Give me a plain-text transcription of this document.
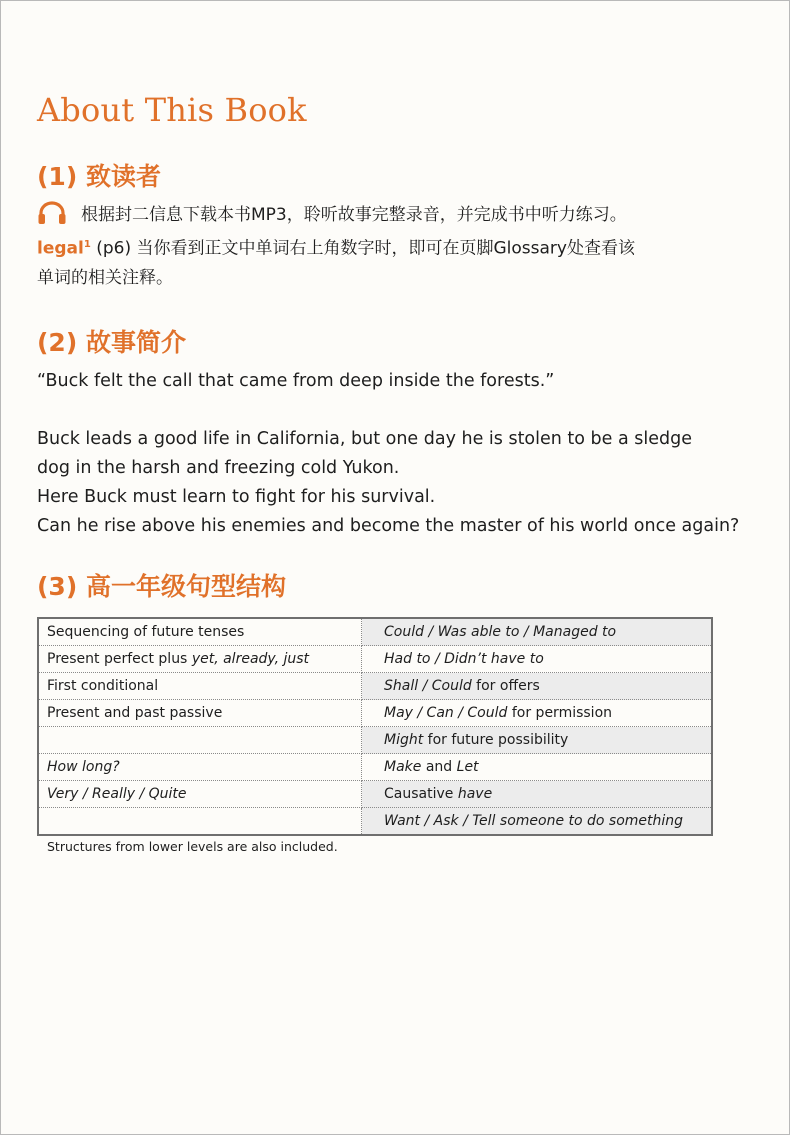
About This Book
(1) 致读者
根据封二信息下载本书MP3，聆听故事完整录音，并完成书中听力练习。
legal$^1$ (p6) 当你看到正文中单词右上角数字时，即可在页脚Glossary处查看该
单词的相关注释。
(2) 故事简介
“Buck felt the call that came from deep inside the forests.”
Buck leads a good life in California, but one day he is stolen to be a sledge
dog in the harsh and freezing cold Yukon.
Here Buck must learn to fight for his survival.
Can he rise above his enemies and become the master of his world once again?
(3) 高一年级句型结构
Sequencing of future tenses	Could / Was able to / Managed to
Present perfect plus yet, already, just	Had to / Didn’t have to
First conditional	Shall / Could for offers
Present and past passive	May / Can / Could for permission
	Might for future possibility
How long?	Make and Let
Very / Really / Quite	Causative have
	Want / Ask / Tell someone to do something
Structures from lower levels are also included.
